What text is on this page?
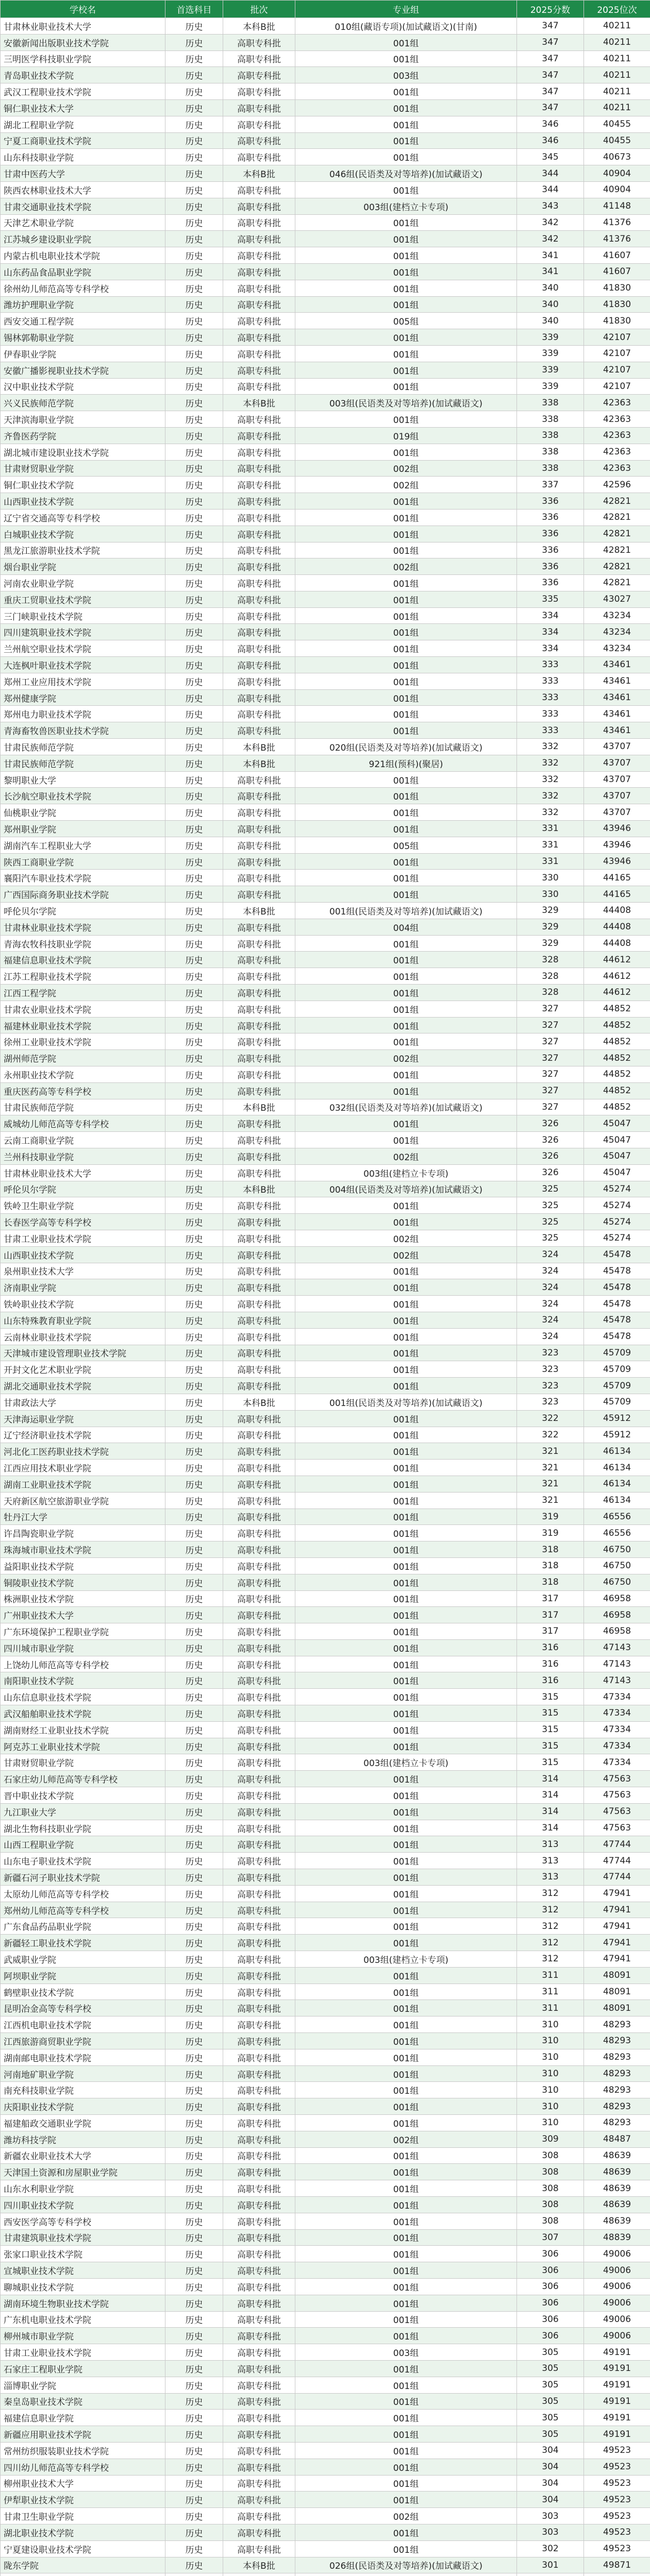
学校名	首选科目	批次	专业组	2025分数	2025位次
甘肃林业职业技术大学	历史	本科B批	010组(藏语专项)(加试藏语文)(甘南)	347	40211
安徽新闻出版职业技术学院	历史	高职专科批	001组	347	40211
三明医学科技职业学院	历史	高职专科批	001组	347	40211
青岛职业技术学院	历史	高职专科批	003组	347	40211
武汉工程职业技术学院	历史	高职专科批	001组	347	40211
铜仁职业技术大学	历史	高职专科批	001组	347	40211
湖北工程职业学院	历史	高职专科批	001组	346	40455
宁夏工商职业技术学院	历史	高职专科批	001组	346	40455
山东科技职业学院	历史	高职专科批	001组	345	40673
甘肃中医药大学	历史	本科B批	046组(民语类及对等培养)(加试藏语文)	344	40904
陕西农林职业技术大学	历史	高职专科批	001组	344	40904
甘肃交通职业技术学院	历史	高职专科批	003组(建档立卡专项)	343	41148
天津艺术职业学院	历史	高职专科批	001组	342	41376
江苏城乡建设职业学院	历史	高职专科批	001组	342	41376
内蒙古机电职业技术学院	历史	高职专科批	001组	341	41607
山东药品食品职业学院	历史	高职专科批	001组	341	41607
徐州幼儿师范高等专科学校	历史	高职专科批	001组	340	41830
潍坊护理职业学院	历史	高职专科批	001组	340	41830
西安交通工程学院	历史	高职专科批	005组	340	41830
锡林郭勒职业学院	历史	高职专科批	001组	339	42107
伊春职业学院	历史	高职专科批	001组	339	42107
安徽广播影视职业技术学院	历史	高职专科批	001组	339	42107
汉中职业技术学院	历史	高职专科批	001组	339	42107
兴义民族师范学院	历史	本科B批	003组(民语类及对等培养)(加试藏语文)	338	42363
天津滨海职业学院	历史	高职专科批	001组	338	42363
齐鲁医药学院	历史	高职专科批	019组	338	42363
湖北城市建设职业技术学院	历史	高职专科批	001组	338	42363
甘肃财贸职业学院	历史	高职专科批	002组	338	42363
铜仁职业技术学院	历史	高职专科批	002组	337	42596
山西职业技术学院	历史	高职专科批	001组	336	42821
辽宁省交通高等专科学校	历史	高职专科批	001组	336	42821
白城职业技术学院	历史	高职专科批	001组	336	42821
黑龙江旅游职业技术学院	历史	高职专科批	001组	336	42821
烟台职业学院	历史	高职专科批	002组	336	42821
河南农业职业学院	历史	高职专科批	001组	336	42821
重庆工贸职业技术学院	历史	高职专科批	001组	335	43027
三门峡职业技术学院	历史	高职专科批	001组	334	43234
四川建筑职业技术学院	历史	高职专科批	001组	334	43234
兰州航空职业技术学院	历史	高职专科批	001组	334	43234
大连枫叶职业技术学院	历史	高职专科批	001组	333	43461
郑州工业应用技术学院	历史	高职专科批	001组	333	43461
郑州健康学院	历史	高职专科批	001组	333	43461
郑州电力职业技术学院	历史	高职专科批	001组	333	43461
青海畜牧兽医职业技术学院	历史	高职专科批	001组	333	43461
甘肃民族师范学院	历史	本科B批	020组(民语类及对等培养)(加试藏语文)	332	43707
甘肃民族师范学院	历史	本科B批	921组(预科)(聚居)	332	43707
黎明职业大学	历史	高职专科批	001组	332	43707
长沙航空职业技术学院	历史	高职专科批	001组	332	43707
仙桃职业学院	历史	高职专科批	001组	332	43707
郑州职业学院	历史	高职专科批	001组	331	43946
湖南汽车工程职业大学	历史	高职专科批	005组	331	43946
陕西工商职业学院	历史	高职专科批	001组	331	43946
襄阳汽车职业技术学院	历史	高职专科批	001组	330	44165
广西国际商务职业技术学院	历史	高职专科批	001组	330	44165
呼伦贝尔学院	历史	本科B批	001组(民语类及对等培养)(加试藏语文)	329	44408
甘肃林业职业技术学院	历史	高职专科批	004组	329	44408
青海农牧科技职业学院	历史	高职专科批	001组	329	44408
福建信息职业技术学院	历史	高职专科批	001组	328	44612
江苏工程职业技术学院	历史	高职专科批	001组	328	44612
江西工程学院	历史	高职专科批	001组	328	44612
甘肃农业职业技术学院	历史	高职专科批	001组	327	44852
福建林业职业技术学院	历史	高职专科批	001组	327	44852
徐州工业职业技术学院	历史	高职专科批	001组	327	44852
湖州师范学院	历史	高职专科批	002组	327	44852
永州职业技术学院	历史	高职专科批	001组	327	44852
重庆医药高等专科学校	历史	高职专科批	001组	327	44852
甘肃民族师范学院	历史	本科B批	032组(民语类及对等培养)(加试藏语文)	327	44852
威城幼儿师范高等专科学校	历史	高职专科批	001组	326	45047
云南工商职业学院	历史	高职专科批	001组	326	45047
兰州科技职业学院	历史	高职专科批	002组	326	45047
甘肃林业职业技术大学	历史	高职专科批	003组(建档立卡专项)	326	45047
呼伦贝尔学院	历史	本科B批	004组(民语类及对等培养)(加试藏语文)	325	45274
铁岭卫生职业学院	历史	高职专科批	001组	325	45274
长春医学高等专科学校	历史	高职专科批	001组	325	45274
甘肃工业职业技术学院	历史	高职专科批	002组	325	45274
山西职业技术学院	历史	高职专科批	002组	324	45478
泉州职业技术大学	历史	高职专科批	001组	324	45478
济南职业学院	历史	高职专科批	001组	324	45478
铁岭职业技术学院	历史	高职专科批	001组	324	45478
山东特殊教育职业学院	历史	高职专科批	001组	324	45478
云南林业职业技术学院	历史	高职专科批	001组	324	45478
天津城市建设管理职业技术学院	历史	高职专科批	001组	323	45709
开封文化艺术职业学院	历史	高职专科批	001组	323	45709
湖北交通职业技术学院	历史	高职专科批	001组	323	45709
甘肃政法大学	历史	本科B批	001组(民语类及对等培养)(加试藏语文)	323	45709
天津海运职业学院	历史	高职专科批	001组	322	45912
辽宁经济职业技术学院	历史	高职专科批	001组	322	45912
河北化工医药职业技术学院	历史	高职专科批	001组	321	46134
江西应用技术职业学院	历史	高职专科批	001组	321	46134
湖南工业职业技术学院	历史	高职专科批	001组	321	46134
天府新区航空旅游职业学院	历史	高职专科批	001组	321	46134
牡丹江大学	历史	高职专科批	001组	319	46556
许昌陶瓷职业学院	历史	高职专科批	001组	319	46556
珠海城市职业技术学院	历史	高职专科批	001组	318	46750
益阳职业技术学院	历史	高职专科批	001组	318	46750
铜陵职业技术学院	历史	高职专科批	001组	318	46750
株洲职业技术学院	历史	高职专科批	001组	317	46958
广州职业技术大学	历史	高职专科批	001组	317	46958
广东环境保护工程职业学院	历史	高职专科批	001组	317	46958
四川城市职业学院	历史	高职专科批	001组	316	47143
上饶幼儿师范高等专科学校	历史	高职专科批	001组	316	47143
南阳职业技术学院	历史	高职专科批	001组	316	47143
山东信息职业技术学院	历史	高职专科批	001组	315	47334
武汉船舶职业技术学院	历史	高职专科批	001组	315	47334
湖南财经工业职业技术学院	历史	高职专科批	001组	315	47334
阿克苏工业职业技术学院	历史	高职专科批	001组	315	47334
甘肃财贸职业学院	历史	高职专科批	003组(建档立卡专项)	315	47334
石家庄幼儿师范高等专科学校	历史	高职专科批	001组	314	47563
晋中职业技术学院	历史	高职专科批	001组	314	47563
九江职业大学	历史	高职专科批	001组	314	47563
湖北生物科技职业学院	历史	高职专科批	001组	314	47563
山西工程职业学院	历史	高职专科批	001组	313	47744
山东电子职业技术学院	历史	高职专科批	001组	313	47744
新疆石河子职业技术学院	历史	高职专科批	001组	313	47744
太原幼儿师范高等专科学校	历史	高职专科批	001组	312	47941
郑州幼儿师范高等专科学校	历史	高职专科批	001组	312	47941
广东食品药品职业学院	历史	高职专科批	001组	312	47941
新疆轻工职业技术学院	历史	高职专科批	001组	312	47941
武威职业学院	历史	高职专科批	003组(建档立卡专项)	312	47941
阿坝职业学院	历史	高职专科批	001组	311	48091
鹤壁职业技术学院	历史	高职专科批	001组	311	48091
昆明冶金高等专科学校	历史	高职专科批	001组	311	48091
江西机电职业技术学院	历史	高职专科批	001组	310	48293
江西旅游商贸职业学院	历史	高职专科批	001组	310	48293
湖南邮电职业技术学院	历史	高职专科批	001组	310	48293
河南地矿职业学院	历史	高职专科批	001组	310	48293
南充科技职业学院	历史	高职专科批	001组	310	48293
庆阳职业技术学院	历史	高职专科批	001组	310	48293
福建船政交通职业学院	历史	高职专科批	001组	310	48293
潍坊科技学院	历史	高职专科批	002组	309	48487
新疆农业职业技术大学	历史	高职专科批	001组	308	48639
天津国土资源和房屋职业学院	历史	高职专科批	001组	308	48639
山东水利职业学院	历史	高职专科批	001组	308	48639
四川职业技术学院	历史	高职专科批	001组	308	48639
西安医学高等专科学校	历史	高职专科批	001组	308	48639
甘肃建筑职业技术学院	历史	高职专科批	001组	307	48839
张家口职业技术学院	历史	高职专科批	001组	306	49006
宣城职业技术学院	历史	高职专科批	001组	306	49006
聊城职业技术学院	历史	高职专科批	001组	306	49006
湖南环境生物职业技术学院	历史	高职专科批	001组	306	49006
广东机电职业技术学院	历史	高职专科批	001组	306	49006
柳州城市职业学院	历史	高职专科批	001组	306	49006
甘肃工业职业技术学院	历史	高职专科批	003组	305	49191
石家庄工程职业学院	历史	高职专科批	001组	305	49191
淄博职业学院	历史	高职专科批	001组	305	49191
秦皇岛职业技术学院	历史	高职专科批	001组	305	49191
福建信息职业学院	历史	高职专科批	001组	305	49191
新疆应用职业技术学院	历史	高职专科批	001组	305	49191
常州纺织服装职业技术学院	历史	高职专科批	001组	304	49523
四川幼儿师范高等专科学校	历史	高职专科批	001组	304	49523
柳州职业技术大学	历史	高职专科批	001组	304	49523
伊犁职业技术学院	历史	高职专科批	001组	304	49523
甘肃卫生职业学院	历史	高职专科批	002组	303	49523
湖北职业技术学院	历史	高职专科批	001组	303	49523
宁夏建设职业技术学院	历史	高职专科批	001组	302	49523
陇东学院	历史	本科B批	026组(民语类及对等培养)(加试藏语文)	301	49871
